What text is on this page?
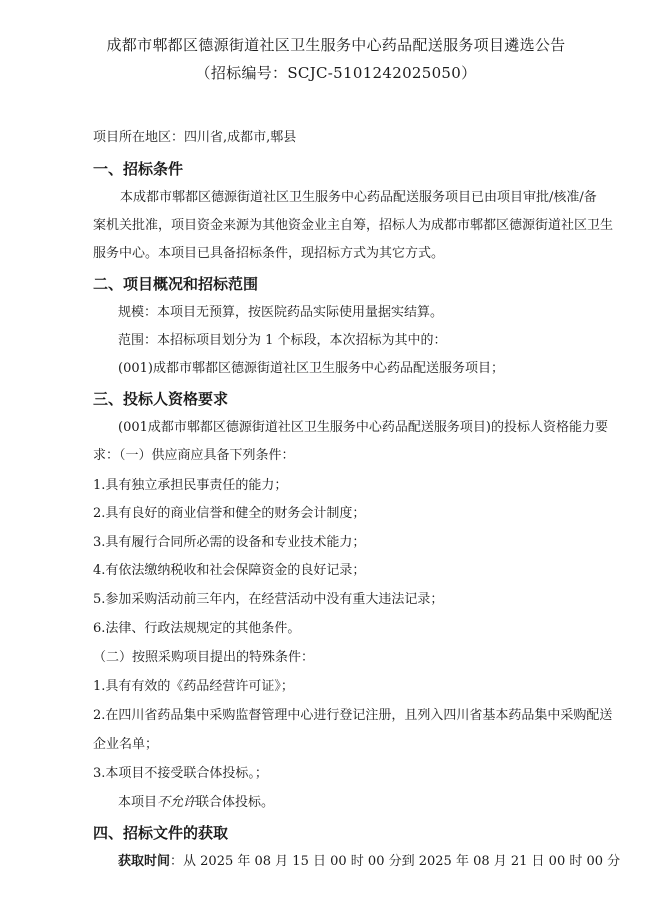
成都市郫都区德源街道社区卫生服务中心药品配送服务项目遴选公告
（招标编号：SCJC-5101242025050）
项目所在地区：四川省,成都市,郫县
一、招标条件
本成都市郫都区德源街道社区卫生服务中心药品配送服务项目已由项目审批/核准/备
案机关批准，项目资金来源为其他资金业主自筹，招标人为成都市郫都区德源街道社区卫生
服务中心。本项目已具备招标条件，现招标方式为其它方式。
二、项目概况和招标范围
规模：本项目无预算，按医院药品实际使用量据实结算。
范围：本招标项目划分为 1 个标段，本次招标为其中的：
(001)成都市郫都区德源街道社区卫生服务中心药品配送服务项目；
三、投标人资格要求
(001成都市郫都区德源街道社区卫生服务中心药品配送服务项目)的投标人资格能力要
求：（一）供应商应具备下列条件：
1.具有独立承担民事责任的能力；
2.具有良好的商业信誉和健全的财务会计制度；
3.具有履行合同所必需的设备和专业技术能力；
4.有依法缴纳税收和社会保障资金的良好记录；
5.参加采购活动前三年内，在经营活动中没有重大违法记录；
6.法律、行政法规规定的其他条件。
（二）按照采购项目提出的特殊条件：
1.具有有效的《药品经营许可证》；
2.在四川省药品集中采购监督管理中心进行登记注册，且列入四川省基本药品集中采购配送
企业名单；
3.本项目不接受联合体投标。；
本项目不允许联合体投标。
四、招标文件的获取
获取时间：从 2025 年 08 月 15 日 00 时 00 分到 2025 年 08 月 21 日 00 时 00 分
